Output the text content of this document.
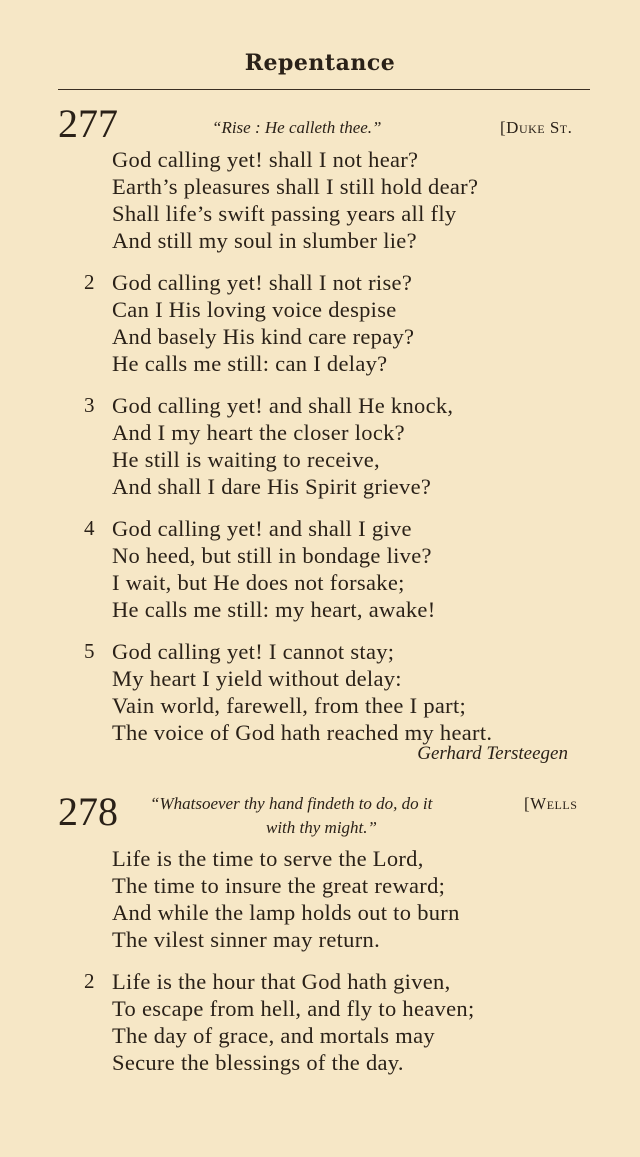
Repentance
277	“Rise : He calleth thee.”	[Duke St.
God calling yet! shall I not hear?
Earth’s pleasures shall I still hold dear?
Shall life’s swift passing years all fly
And still my soul in slumber lie?
2 God calling yet! shall I not rise?
Can I His loving voice despise
And basely His kind care repay?
He calls me still: can I delay?
3 God calling yet! and shall He knock,
And I my heart the closer lock?
He still is waiting to receive,
And shall I dare His Spirit grieve?
4 God calling yet! and shall I give
No heed, but still in bondage live?
I wait, but He does not forsake;
He calls me still: my heart, awake!
5 God calling yet! I cannot stay;
My heart I yield without delay:
Vain world, farewell, from thee I part;
The voice of God hath reached my heart.
Gerhard Tersteegen
278 “Whatsoever thy hand findeth to do, do it
with thy might.”
[Wells
Life is the time to serve the Lord,
The time to insure the great reward;
And while the lamp holds out to burn
The vilest sinner may return.
2 Life is the hour that God hath given,
To escape from hell, and fly to heaven;
The day of grace, and mortals may
Secure the blessings of the day.
